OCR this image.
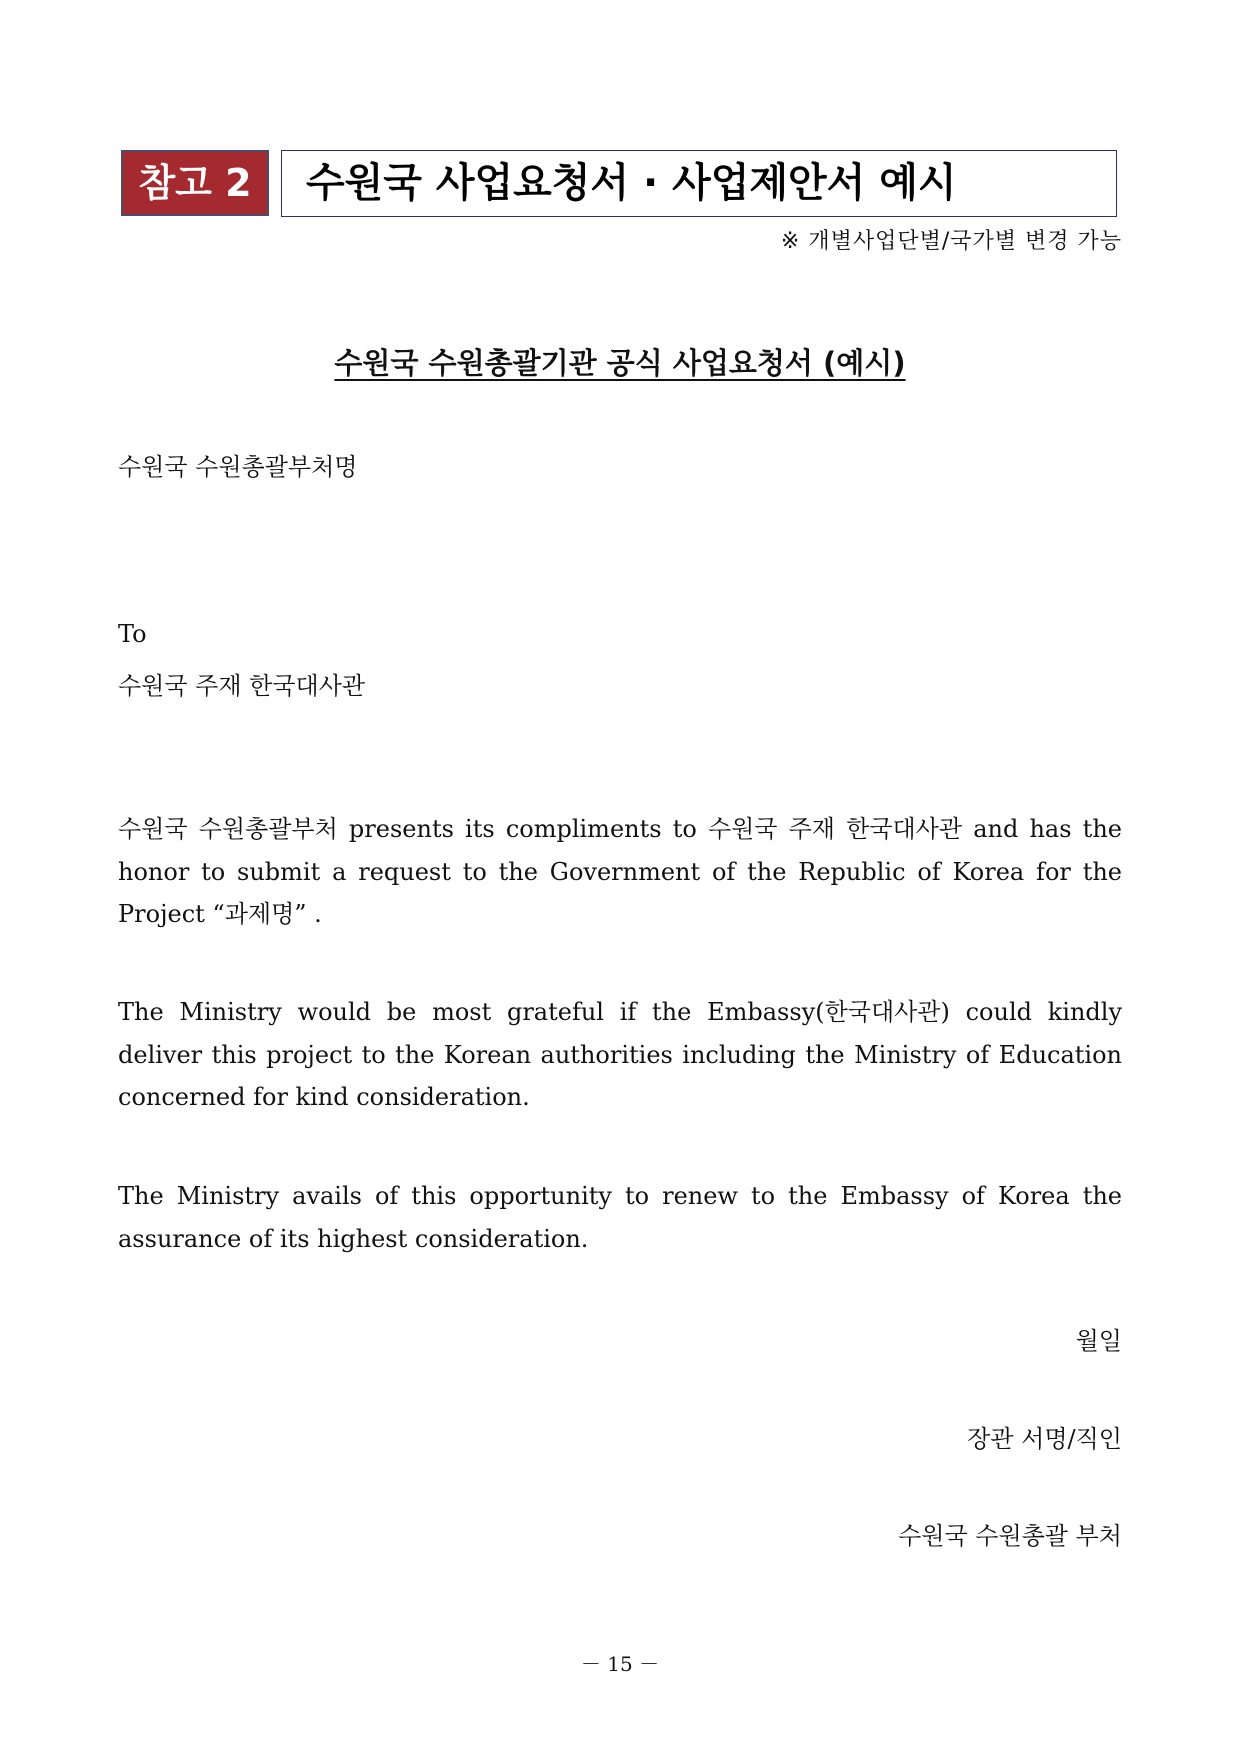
참고 2	수원국 사업요청서 · 사업제안서 예시
※ 개별사업단별/국가별 변경 가능
수원국 수원총괄기관 공식 사업요청서 (예시)
수원국 수원총괄부처명
To
수원국 주재 한국대사관
수원국 수원총괄부처 presents its compliments to 수원국 주재 한국대사관 and has the honor to submit a request to the Government of the Republic of Korea for the Project “과제명” .
The Ministry would be most grateful if the Embassy(한국대사관) could kindly deliver this project to the Korean authorities including the Ministry of Education concerned for kind consideration.
The Ministry avails of this opportunity to renew to the Embassy of Korea the assurance of its highest consideration.
월일
장관 서명/직인
수원국 수원총괄 부처
－ 15 －
